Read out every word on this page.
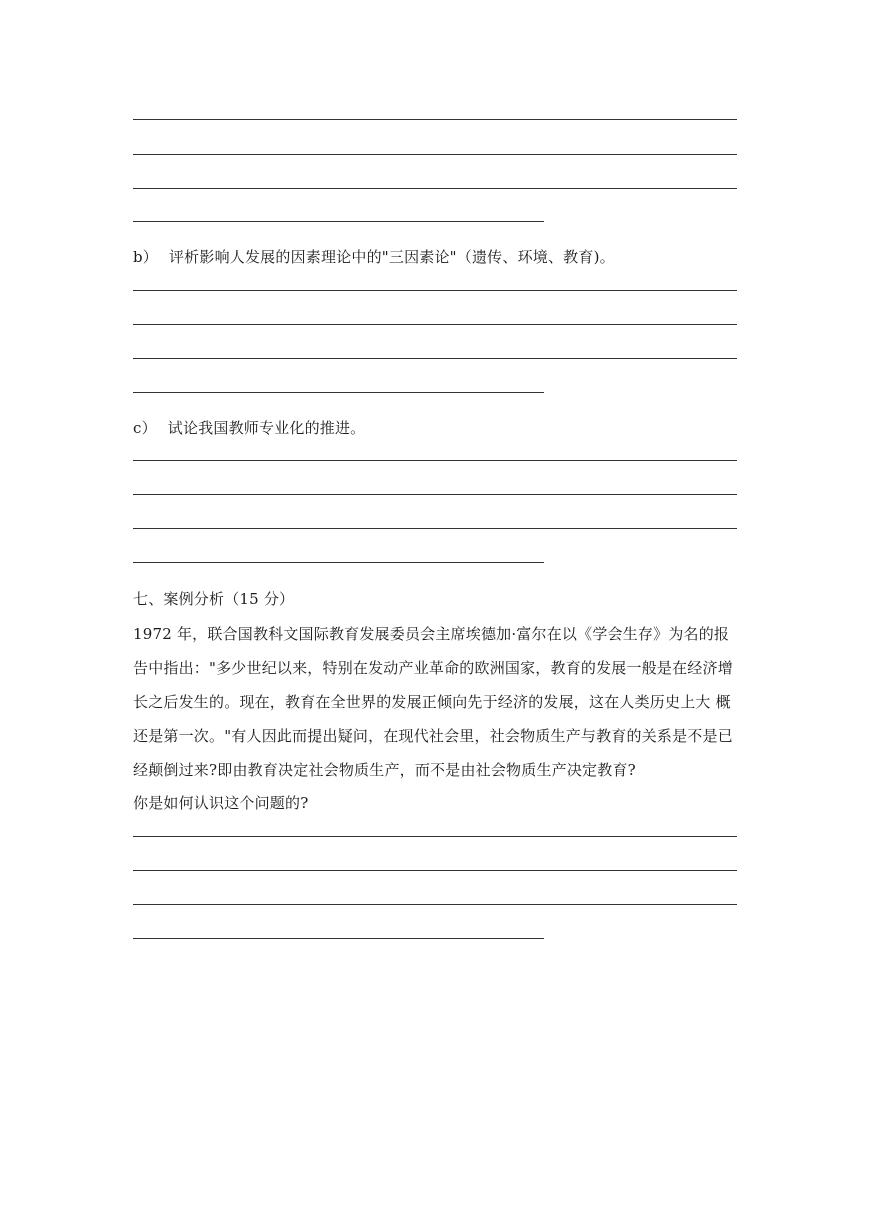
b） 评析影响人发展的因素理论中的"三因素论"（遗传、环境、教育)。
c） 试论我国教师专业化的推进。
七、案例分析（15 分）
1972 年，联合国教科文国际教育发展委员会主席埃德加·富尔在以《学会生存》为名的报
告中指出："多少世纪以来，特别在发动产业革命的欧洲国家，教育的发展一般是在经济增
长之后发生的。现在，教育在全世界的发展正倾向先于经济的发展，这在人类历史上大 概
还是第一次。"有人因此而提出疑问，在现代社会里，社会物质生产与教育的关系是不是已
经颠倒过来?即由教育决定社会物质生产，而不是由社会物质生产决定教育?
你是如何认识这个问题的?
